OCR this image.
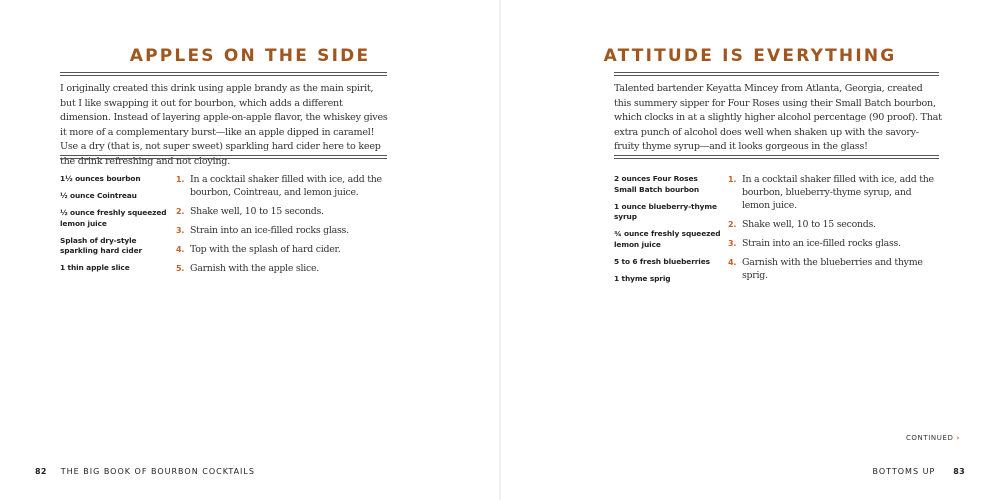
APPLES ON THE SIDE

I originally created this drink using apple brandy as the main spirit, but I like swapping it out for bourbon, which adds a different dimension. Instead of layering apple-on-apple flavor, the whiskey gives it more of a complementary burst—like an apple dipped in caramel! Use a dry (that is, not super sweet) sparkling hard cider here to keep the drink refreshing and not cloying.

1½ ounces bourbon
½ ounce Cointreau
½ ounce freshly squeezed lemon juice
Splash of dry-style sparkling hard cider
1 thin apple slice
1. In a cocktail shaker filled with ice, add the bourbon, Cointreau, and lemon juice.
2. Shake well, 10 to 15 seconds.
3. Strain into an ice-filled rocks glass.
4. Top with the splash of hard cider.
5. Garnish with the apple slice.
82 THE BIG BOOK OF BOURBON COCKTAILS
ATTITUDE IS EVERYTHING

Talented bartender Keyatta Mincey from Atlanta, Georgia, created this summery sipper for Four Roses using their Small Batch bourbon, which clocks in at a slightly higher alcohol percentage (90 proof). That extra punch of alcohol does well when shaken up with the savory-fruity thyme syrup—and it looks gorgeous in the glass!

2 ounces Four Roses Small Batch bourbon
1 ounce blueberry-thyme syrup
¾ ounce freshly squeezed lemon juice
5 to 6 fresh blueberries
1 thyme sprig
1. In a cocktail shaker filled with ice, add the bourbon, blueberry-thyme syrup, and lemon juice.
2. Shake well, 10 to 15 seconds.
3. Strain into an ice-filled rocks glass.
4. Garnish with the blueberries and thyme sprig.
CONTINUED ›
BOTTOMS UP 83
